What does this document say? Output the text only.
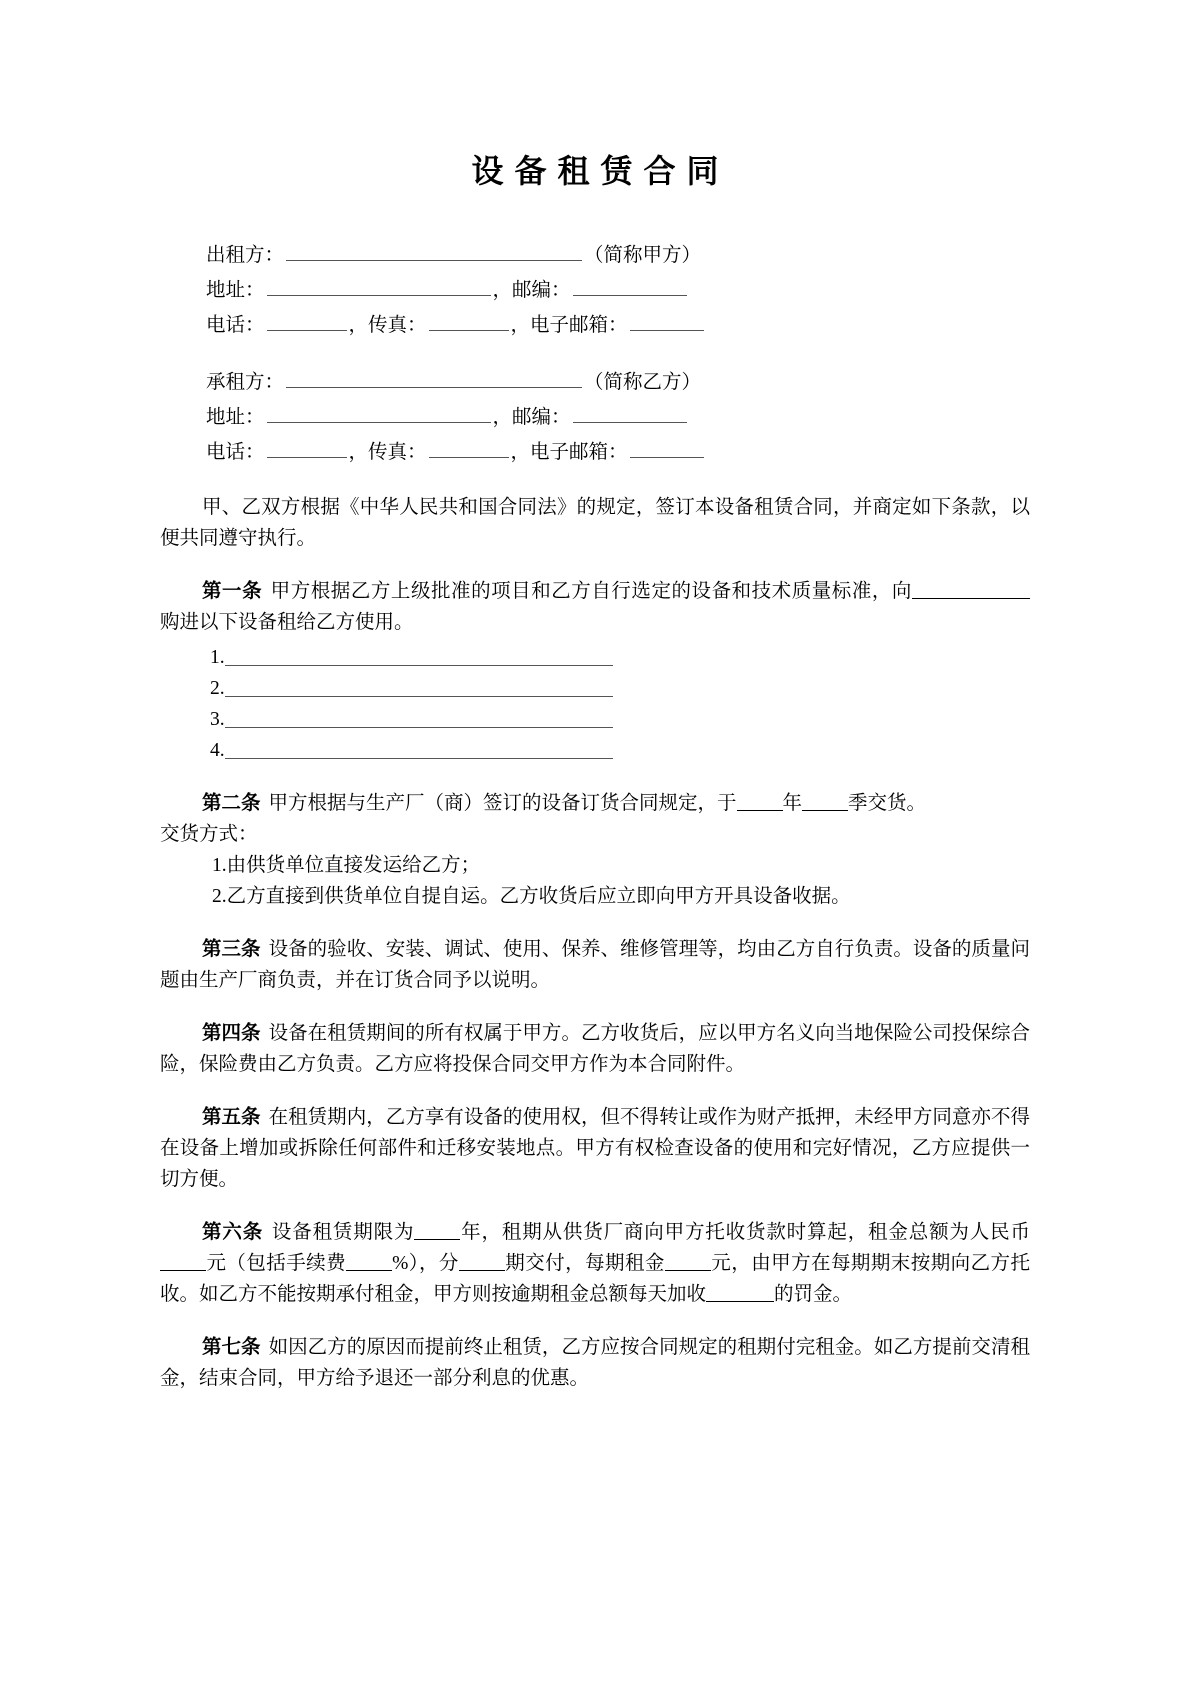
设备租赁合同
出租方：	（简称甲方）
地址：	，邮编：
电话：	，传真：	，电子邮箱：
承租方：	（简称乙方）
地址：	，邮编：
电话：	，传真：	，电子邮箱：

甲、乙双方根据《中华人民共和国合同法》的规定，签订本设备租赁合同，并商定如下条款，以便共同遵守执行。

第一条 甲方根据乙方上级批准的项目和乙方自行选定的设备和技术质量标准，向购进以下设备租给乙方使用。

1.
2.
3.
4.

第二条 甲方根据与生产厂（商）签订的设备订货合同规定，于 年 季交货。

交货方式：

1.由供货单位直接发运给乙方；
2.乙方直接到供货单位自提自运。乙方收货后应立即向甲方开具设备收据。

第三条 设备的验收、安装、调试、使用、保养、维修管理等，均由乙方自行负责。设备的质量问题由生产厂商负责，并在订货合同予以说明。

第四条 设备在租赁期间的所有权属于甲方。乙方收货后，应以甲方名义向当地保险公司投保综合险，保险费由乙方负责。乙方应将投保合同交甲方作为本合同附件。

第五条 在租赁期内，乙方享有设备的使用权，但不得转让或作为财产抵押，未经甲方同意亦不得在设备上增加或拆除任何部件和迁移安装地点。甲方有权检查设备的使用和完好情况，乙方应提供一切方便。

第六条 设备租赁期限为 年，租期从供货厂商向甲方托收货款时算起，租金总额为人民币元（包括手续费 %），分 期交付，每期租金 元，由甲方在每期期末按期向乙方托收。如乙方不能按期承付租金，甲方则按逾期租金总额每天加收	的罚金。

第七条 如因乙方的原因而提前终止租赁，乙方应按合同规定的租期付完租金。如乙方提前交清租金，结束合同，甲方给予退还一部分利息的优惠。
